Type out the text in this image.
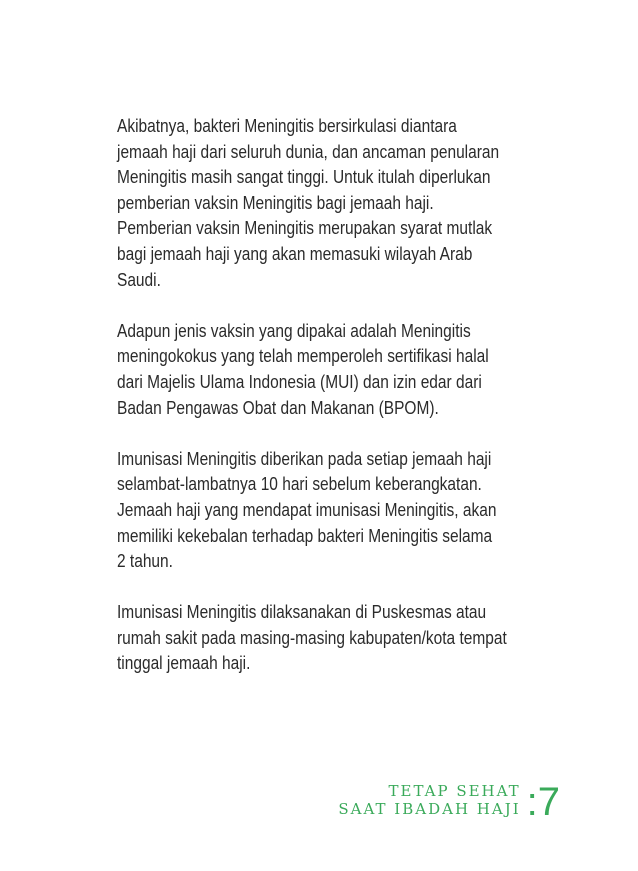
Akibatnya, bakteri Meningitis bersirkulasi diantara
jemaah haji dari seluruh dunia, dan ancaman penularan
Meningitis masih sangat tinggi. Untuk itulah diperlukan
pemberian vaksin Meningitis bagi jemaah haji.
Pemberian vaksin Meningitis merupakan syarat mutlak
bagi jemaah haji yang akan memasuki wilayah Arab
Saudi.

Adapun jenis vaksin yang dipakai adalah Meningitis
meningokokus yang telah memperoleh sertifikasi halal
dari Majelis Ulama Indonesia (MUI) dan izin edar dari
Badan Pengawas Obat dan Makanan (BPOM).

Imunisasi Meningitis diberikan pada setiap jemaah haji
selambat-lambatnya 10 hari sebelum keberangkatan.
Jemaah haji yang mendapat imunisasi Meningitis, akan
memiliki kekebalan terhadap bakteri Meningitis selama
2 tahun.

Imunisasi Meningitis dilaksanakan di Puskesmas atau
rumah sakit pada masing-masing kabupaten/kota tempat
tinggal jemaah haji.

TETAP SEHAT
SAAT IBADAH HAJI :7
